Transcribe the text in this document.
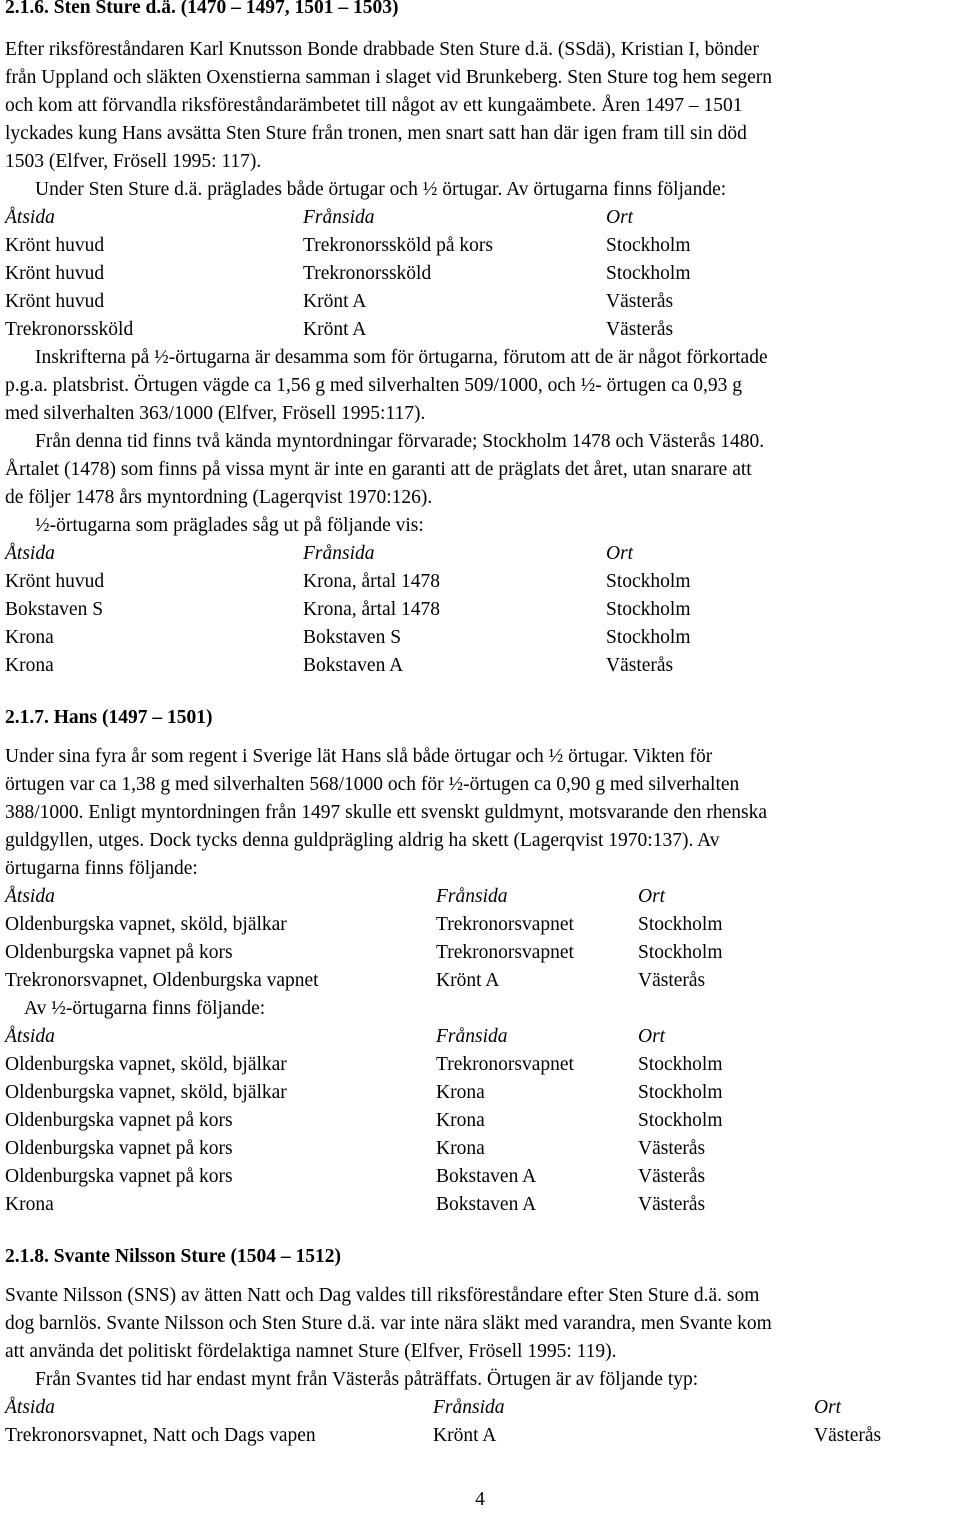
2.1.6. Sten Sture d.ä. (1470 – 1497, 1501 – 1503)
Efter riksföreståndaren Karl Knutsson Bonde drabbade Sten Sture d.ä. (SSdä), Kristian I, bönder
från Uppland och släkten Oxenstierna samman i slaget vid Brunkeberg. Sten Sture tog hem segern
och kom att förvandla riksföreståndarämbetet till något av ett kungaämbete. Åren 1497 – 1501
lyckades kung Hans avsätta Sten Sture från tronen, men snart satt han där igen fram till sin död
1503 (Elfver, Frösell 1995: 117).
Under Sten Sture d.ä. präglades både örtugar och ½ örtugar. Av örtugarna finns följande:
Åtsida	Frånsida	Ort
Krönt huvud	Trekronorssköld på kors	Stockholm
Krönt huvud	Trekronorssköld	Stockholm
Krönt huvud	Krönt A	Västerås
Trekronorssköld	Krönt A	Västerås
Inskrifterna på ½-örtugarna är desamma som för örtugarna, förutom att de är något förkortade
p.g.a. platsbrist. Örtugen vägde ca 1,56 g med silverhalten 509/1000, och ½- örtugen ca 0,93 g
med silverhalten 363/1000 (Elfver, Frösell 1995:117).
Från denna tid finns två kända myntordningar förvarade; Stockholm 1478 och Västerås 1480.
Årtalet (1478) som finns på vissa mynt är inte en garanti att de präglats det året, utan snarare att
de följer 1478 års myntordning (Lagerqvist 1970:126).
½-örtugarna som präglades såg ut på följande vis:
Åtsida	Frånsida	Ort
Krönt huvud	Krona, årtal 1478	Stockholm
Bokstaven S	Krona, årtal 1478	Stockholm
Krona	Bokstaven S	Stockholm
Krona	Bokstaven A	Västerås
2.1.7. Hans (1497 – 1501)
Under sina fyra år som regent i Sverige lät Hans slå både örtugar och ½ örtugar. Vikten för
örtugen var ca 1,38 g med silverhalten 568/1000 och för ½-örtugen ca 0,90 g med silverhalten
388/1000. Enligt myntordningen från 1497 skulle ett svenskt guldmynt, motsvarande den rhenska
guldgyllen, utges. Dock tycks denna guldprägling aldrig ha skett (Lagerqvist 1970:137). Av
örtugarna finns följande:
Åtsida	Frånsida	Ort
Oldenburgska vapnet, sköld, bjälkar	Trekronorsvapnet	Stockholm
Oldenburgska vapnet på kors	Trekronorsvapnet	Stockholm
Trekronorsvapnet, Oldenburgska vapnet	Krönt A	Västerås
Av ½-örtugarna finns följande:
Åtsida	Frånsida	Ort
Oldenburgska vapnet, sköld, bjälkar	Trekronorsvapnet	Stockholm
Oldenburgska vapnet, sköld, bjälkar	Krona	Stockholm
Oldenburgska vapnet på kors	Krona	Stockholm
Oldenburgska vapnet på kors	Krona	Västerås
Oldenburgska vapnet på kors	Bokstaven A	Västerås
Krona	Bokstaven A	Västerås
2.1.8. Svante Nilsson Sture (1504 – 1512)
Svante Nilsson (SNS) av ätten Natt och Dag valdes till riksföreståndare efter Sten Sture d.ä. som
dog barnlös. Svante Nilsson och Sten Sture d.ä. var inte nära släkt med varandra, men Svante kom
att använda det politiskt fördelaktiga namnet Sture (Elfver, Frösell 1995: 119).
Från Svantes tid har endast mynt från Västerås påträffats. Örtugen är av följande typ:
Åtsida	Frånsida	Ort
Trekronorsvapnet, Natt och Dags vapen	Krönt A	Västerås
4
